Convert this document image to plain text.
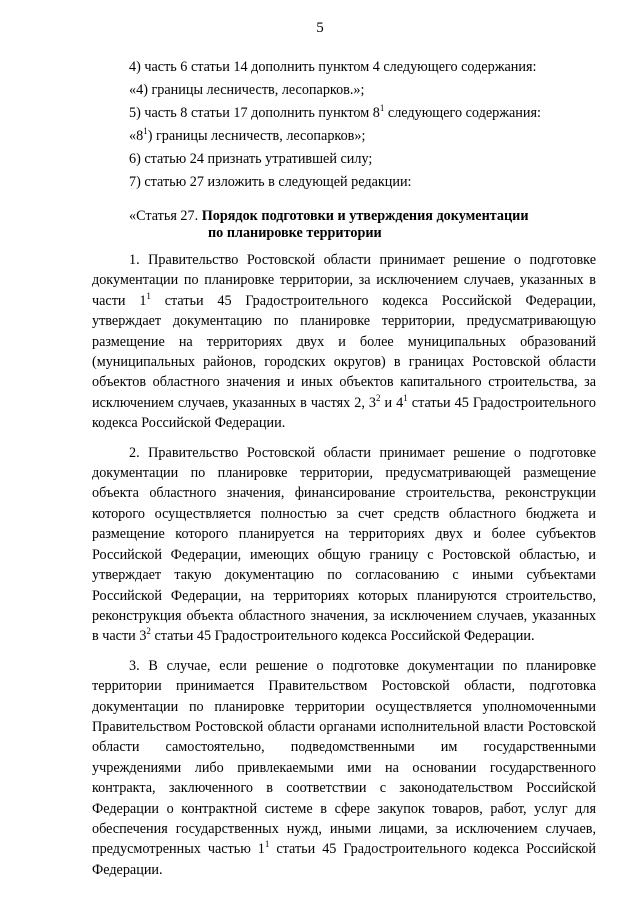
5

4) часть 6 статьи 14 дополнить пунктом 4 следующего содержания:

«4) границы лесничеств, лесопарков.»;

5) часть 8 статьи 17 дополнить пунктом $8^1$ следующего содержания:

«$8^1$) границы лесничеств, лесопарков»;

6) статью 24 признать утратившей силу;

7) статью 27 изложить в следующей редакции:

«Статья 27. Порядок подготовки и утверждения документации
по планировке территории

1. Правительство Ростовской области принимает решение о подготовке документации по планировке территории, за исключением случаев, указанных в части $1^1$ статьи 45 Градостроительного кодекса Российской Федерации, утверждает документацию по планировке территории, предусматривающую размещение на территориях двух и более муниципальных образований (муниципальных районов, городских округов) в границах Ростовской области объектов областного значения и иных объектов капитального строительства, за исключением случаев, указанных в частях 2, $3^2$ и $4^1$ статьи 45 Градостроительного кодекса Российской Федерации.

2. Правительство Ростовской области принимает решение о подготовке документации по планировке территории, предусматривающей размещение объекта областного значения, финансирование строительства, реконструкции которого осуществляется полностью за счет средств областного бюджета и размещение которого планируется на территориях двух и более субъектов Российской Федерации, имеющих общую границу с Ростовской областью, и утверждает такую документацию по согласованию с иными субъектами Российской Федерации, на территориях которых планируются строительство, реконструкция объекта областного значения, за исключением случаев, указанных в части $3^2$ статьи 45 Градостроительного кодекса Российской Федерации.

3. В случае, если решение о подготовке документации по планировке территории принимается Правительством Ростовской области, подготовка документации по планировке территории осуществляется уполномоченными Правительством Ростовской области органами исполнительной власти Ростовской области самостоятельно, подведомственными им государственными учреждениями либо привлекаемыми ими на основании государственного контракта, заключенного в соответствии с законодательством Российской Федерации о контрактной системе в сфере закупок товаров, работ, услуг для обеспечения государственных нужд, иными лицами, за исключением случаев, предусмотренных частью $1^1$ статьи 45 Градостроительного кодекса Российской Федерации.
